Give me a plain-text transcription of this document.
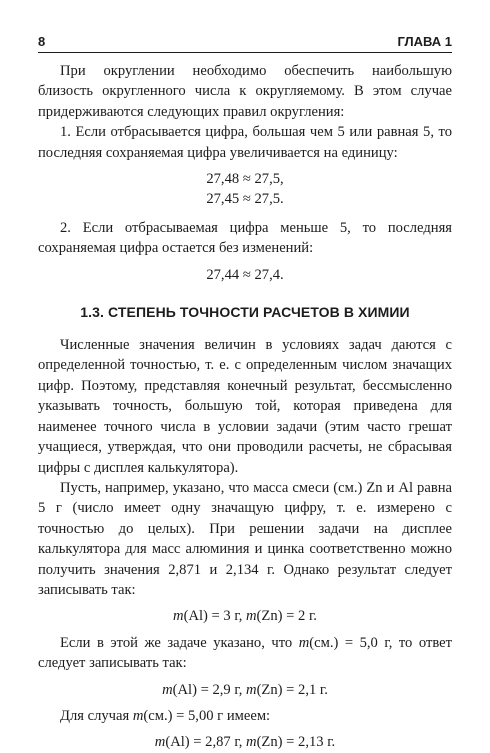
8	ГЛАВА 1

При округлении необходимо обеспечить наибольшую близость округленного числа к округляемому. В этом случае придерживаются следующих правил округления:

1. Если отбрасывается цифра, большая чем 5 или равная 5, то последняя сохраняемая цифра увеличивается на единицу:

27,48 ≈ 27,5,

27,45 ≈ 27,5.

2. Если отбрасываемая цифра меньше 5, то последняя сохраняемая цифра остается без изменений:

27,44 ≈ 27,4.

1.3. СТЕПЕНЬ ТОЧНОСТИ РАСЧЕТОВ В ХИМИИ

Численные значения величин в условиях задач даются с определенной точностью, т. е. с определенным числом значащих цифр. Поэтому, представляя конечный результат, бессмысленно указывать точность, большую той, которая приведена для наименее точного числа в условии задачи (этим часто грешат учащиеся, утверждая, что они проводили расчеты, не сбрасывая цифры с дисплея калькулятора).

Пусть, например, указано, что масса смеси (см.) Zn и Al равна 5 г (число имеет одну значащую цифру, т. е. измерено с точностью до целых). При решении задачи на дисплее калькулятора для масс алюминия и цинка соответственно можно получить значения 2,871 и 2,134 г. Однако результат следует записывать так:

m(Al) = 3 г, m(Zn) = 2 г.

Если в этой же задаче указано, что m(см.) = 5,0 г, то ответ следует записывать так:

m(Al) = 2,9 г, m(Zn) = 2,1 г.

Для случая m(см.) = 5,00 г имеем:

m(Al) = 2,87 г, m(Zn) = 2,13 г.
